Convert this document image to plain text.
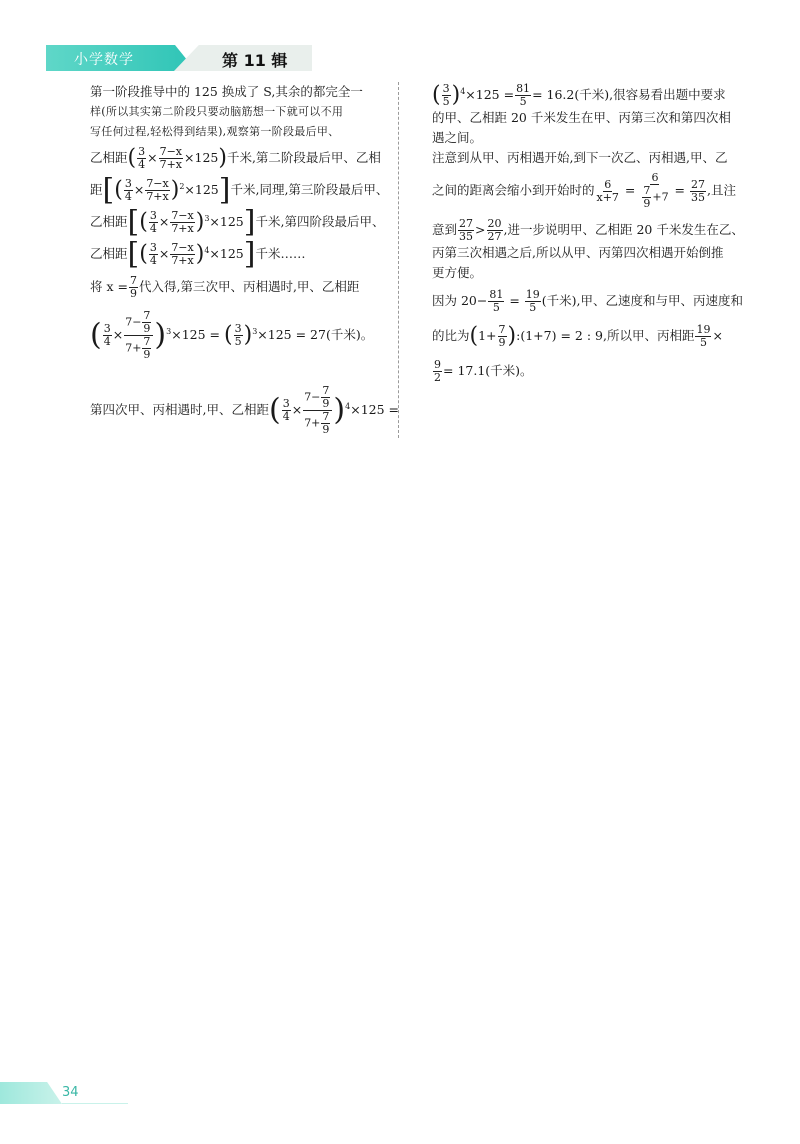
小学数学	第 11 辑

第一阶段推导中的 125 换成了 S,其余的都完全一

样(所以其实第二阶段只要动脑筋想一下就可以不用

写任何过程,轻松得到结果),观察第一阶段最后甲、

乙相距( $\frac{3}{4} \times \frac{7-x}{7+x} \times 125$)千米,第二阶段最后甲、乙相

距[( $\frac{3}{4} \times \frac{7-x}{7+x} )^2\times 125$]千米,同理,第三阶段最后甲、

乙相距[( $\frac{3}{4} \times \frac{7-x}{7+x} )^3\times 125$]千米,第四阶段最后甲、

乙相距[( $\frac{3}{4} \times \frac{7-x}{7+x} )^4\times 125$]千米……

将 $x = \frac{7}{9}$ 代入得,第三次甲、丙相遇时,甲、乙相距

( $\frac{3}{4} \times \frac{7- \frac{7}{9}}{7+ \frac{7}{9}} )^3\times 125$ = ( $\frac{3}{5} )^3\times 125 = 27$(千米)。

第四次甲、丙相遇时,甲、乙相距( $\frac{3}{4} \times \frac{7- \frac{7}{9}}{7+ \frac{7}{9}} )^4\times 125$ =

( $\frac{3}{5} )^4\times 125 = \frac{81}{5} = 16.2$(千米),很容易看出题中要求

的甲、乙相距 20 千米发生在甲、丙第三次和第四次相

遇之间。

注意到从甲、丙相遇开始,到下一次乙、丙相遇,甲、乙

之间的距离会缩小到开始时的 $\frac{6}{x+7} = \frac{6}{\frac{7}{9} +7} = \frac{27}{35}$ ,且注

意到 $\frac{27}{35} > \frac{20}{27}$ ,进一步说明甲、乙相距 20 千米发生在乙、

丙第三次相遇之后,所以从甲、丙第四次相遇开始倒推

更方便。

因为 $20- \frac{81}{5} = \frac{19}{5}$ (千米),甲、乙速度和与甲、丙速度和

的比为($1+ \frac{7}{9}$ ):(1+7) = 2 : 9,所以甲、丙相距 $\frac{19}{5}$ ×

$\frac{9}{2} = 17.1$(千米)。

34
